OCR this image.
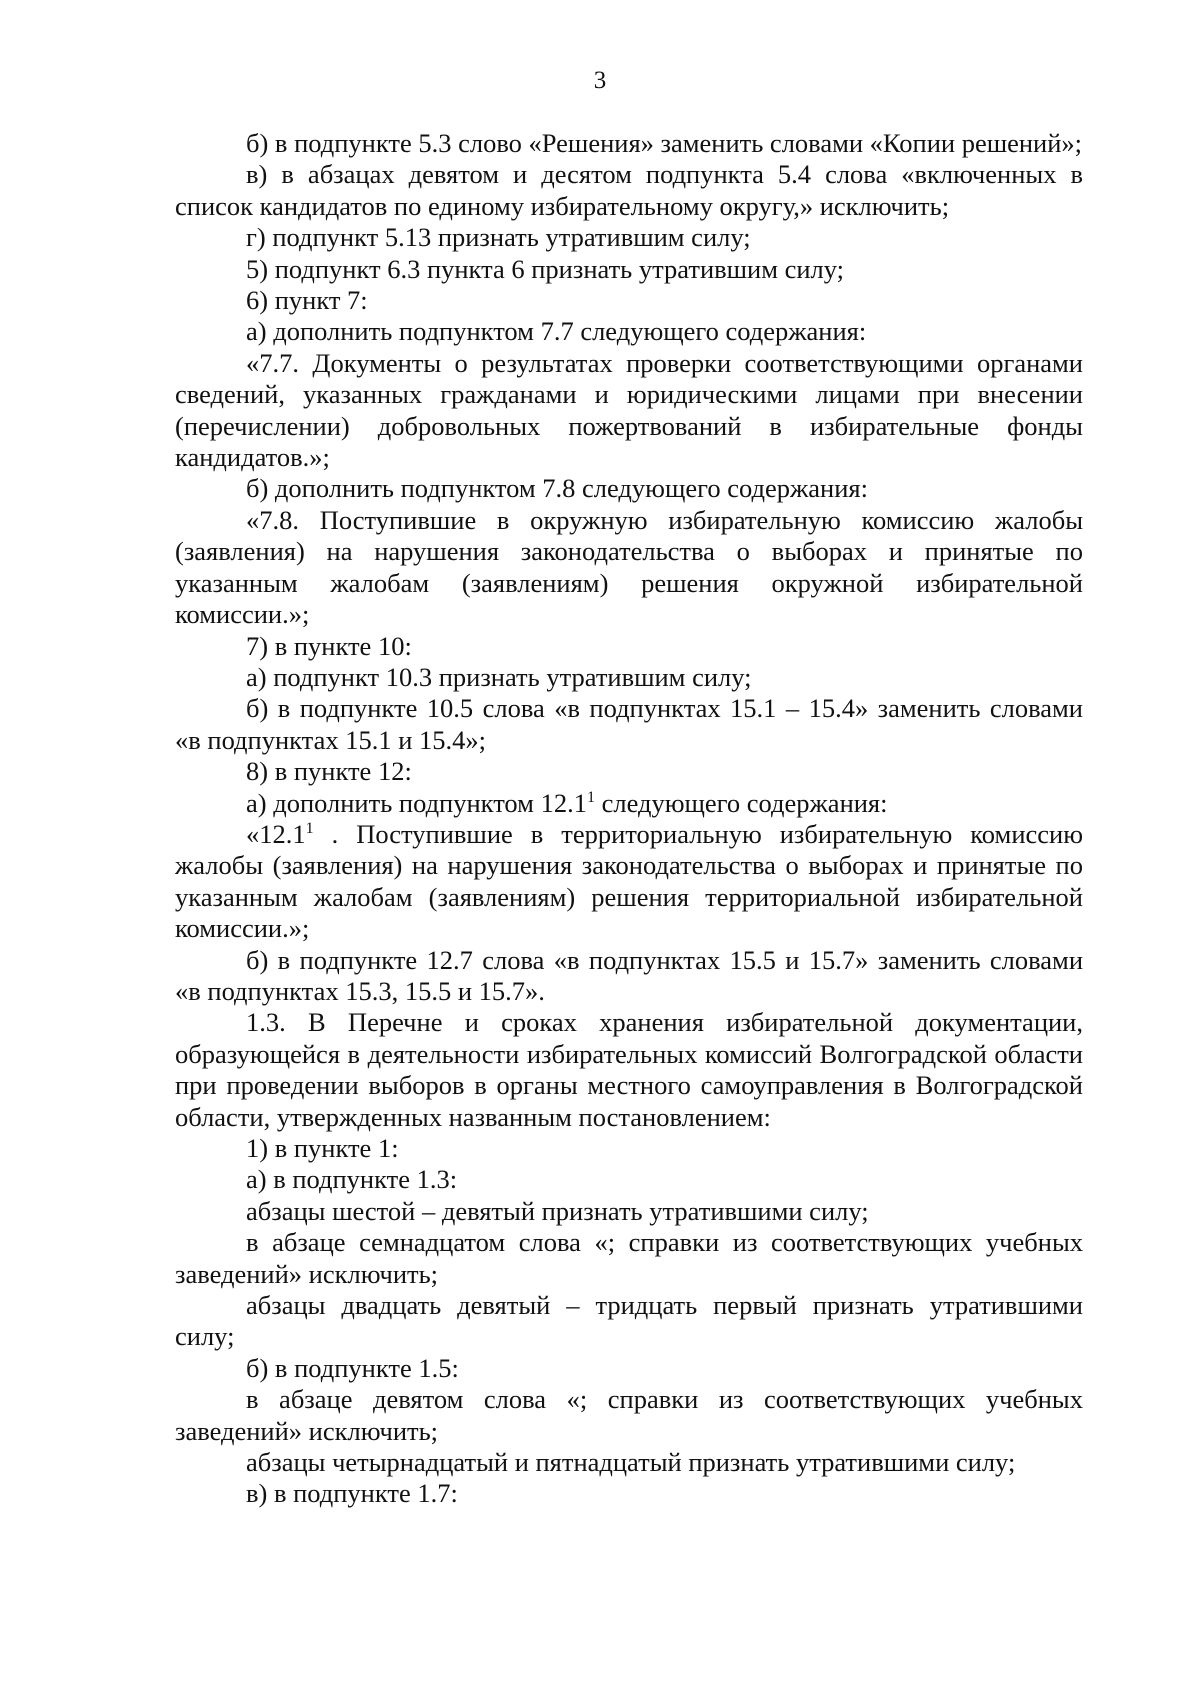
3

б) в подпункте 5.3 слово «Решения» заменить словами «Копии решений»;

в) в абзацах девятом и десятом подпункта 5.4 слова «включенных в список кандидатов по единому избирательному округу,» исключить;

г) подпункт 5.13 признать утратившим силу;

5) подпункт 6.3 пункта 6 признать утратившим силу;

6) пункт 7:

а) дополнить подпунктом 7.7 следующего содержания:

«7.7. Документы о результатах проверки соответствующими органами сведений, указанных гражданами и юридическими лицами при внесении (перечислении) добровольных пожертвований в избирательные фонды кандидатов.»;

б) дополнить подпунктом 7.8 следующего содержания:

«7.8. Поступившие в окружную избирательную комиссию жалобы (заявления) на нарушения законодательства о выборах и принятые по указанным жалобам (заявлениям) решения окружной избирательной комиссии.»;

7) в пункте 10:

а) подпункт 10.3 признать утратившим силу;

б) в подпункте 10.5 слова «в подпунктах 15.1 – 15.4» заменить словами «в подпунктах 15.1 и 15.4»;

8) в пункте 12:

а) дополнить подпунктом 12.1$^1$ следующего содержания:

«12.1$^1$ . Поступившие в территориальную избирательную комиссию жалобы (заявления) на нарушения законодательства о выборах и принятые по указанным жалобам (заявлениям) решения территориальной избирательной комиссии.»;

б) в подпункте 12.7 слова «в подпунктах 15.5 и 15.7» заменить словами «в подпунктах 15.3, 15.5 и 15.7».

1.3. В Перечне и сроках хранения избирательной документации, образующейся в деятельности избирательных комиссий Волгоградской области при проведении выборов в органы местного самоуправления в Волгоградской области, утвержденных названным постановлением:

1) в пункте 1:

а) в подпункте 1.3:

абзацы шестой – девятый признать утратившими силу;

в абзаце семнадцатом слова «; справки из соответствующих учебных заведений» исключить;

абзацы двадцать девятый – тридцать первый признать утратившими силу;

б) в подпункте 1.5:

в абзаце девятом слова «; справки из соответствующих учебных заведений» исключить;

абзацы четырнадцатый и пятнадцатый признать утратившими силу;

в) в подпункте 1.7:
